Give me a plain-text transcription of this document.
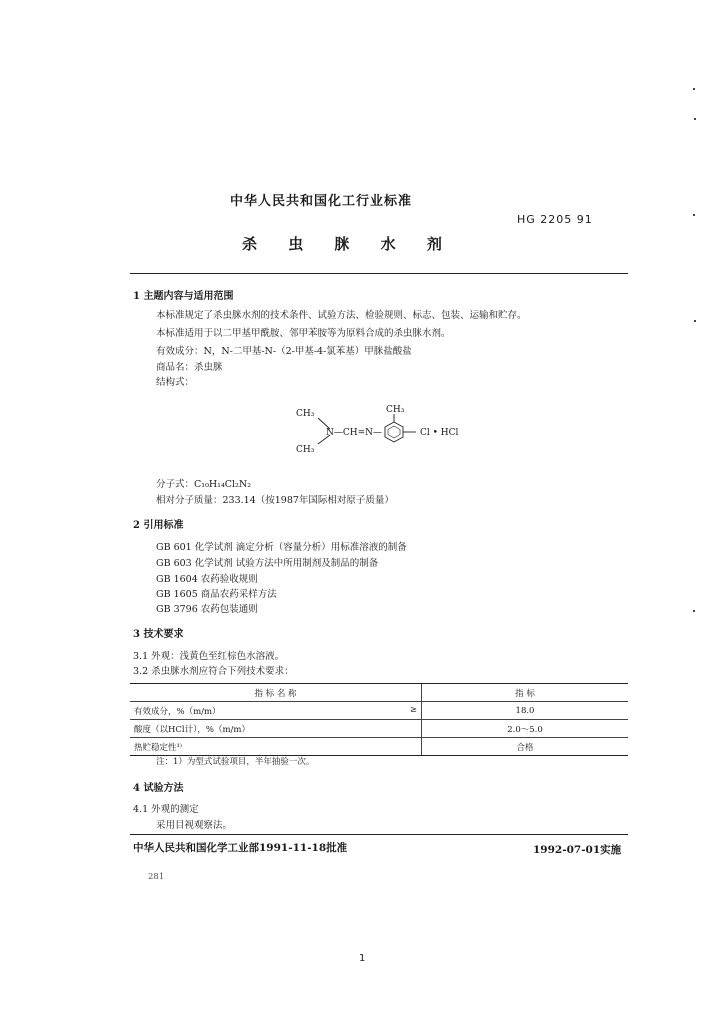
中华人民共和国化工行业标准
HG 2205 91
杀 虫 脒 水 剂
1 主题内容与适用范围
本标准规定了杀虫脒水剂的技术条件、试验方法、检验规则、标志、包装、运输和贮存。
本标准适用于以二甲基甲酰胺、邻甲苯胺等为原料合成的杀虫脒水剂。
有效成分：N，N-二甲基-N-（2-甲基-4-氯苯基）甲脒盐酸盐
商品名：杀虫脒
结构式：
CH₃
CH₃
N—CH=N—
CH₃
Cl • HCl
分子式：C₁₀H₁₄Cl₂N₂
相对分子质量：233.14（按1987年国际相对原子质量）
2 引用标准
GB 601 化学试剂 滴定分析（容量分析）用标准溶液的制备
GB 603 化学试剂 试验方法中所用制剂及制品的制备
GB 1604 农药验收规则
GB 1605 商品农药采样方法
GB 3796 农药包装通则
3 技术要求
3.1 外观：浅黄色至红棕色水溶液。
3.2 杀虫脒水剂应符合下列技术要求：
指 标 名 称	指 标
有效成分，%（m/m） ≥	18.0
酸度（以HCl计），%（m/m）	2.0～5.0
热贮稳定性¹⁾	合格
注：1）为型式试验项目，半年抽验一次。
4 试验方法
4.1 外观的测定
采用目视观察法。
中华人民共和国化学工业部1991-11-18批准	1992-07-01实施
281
1
